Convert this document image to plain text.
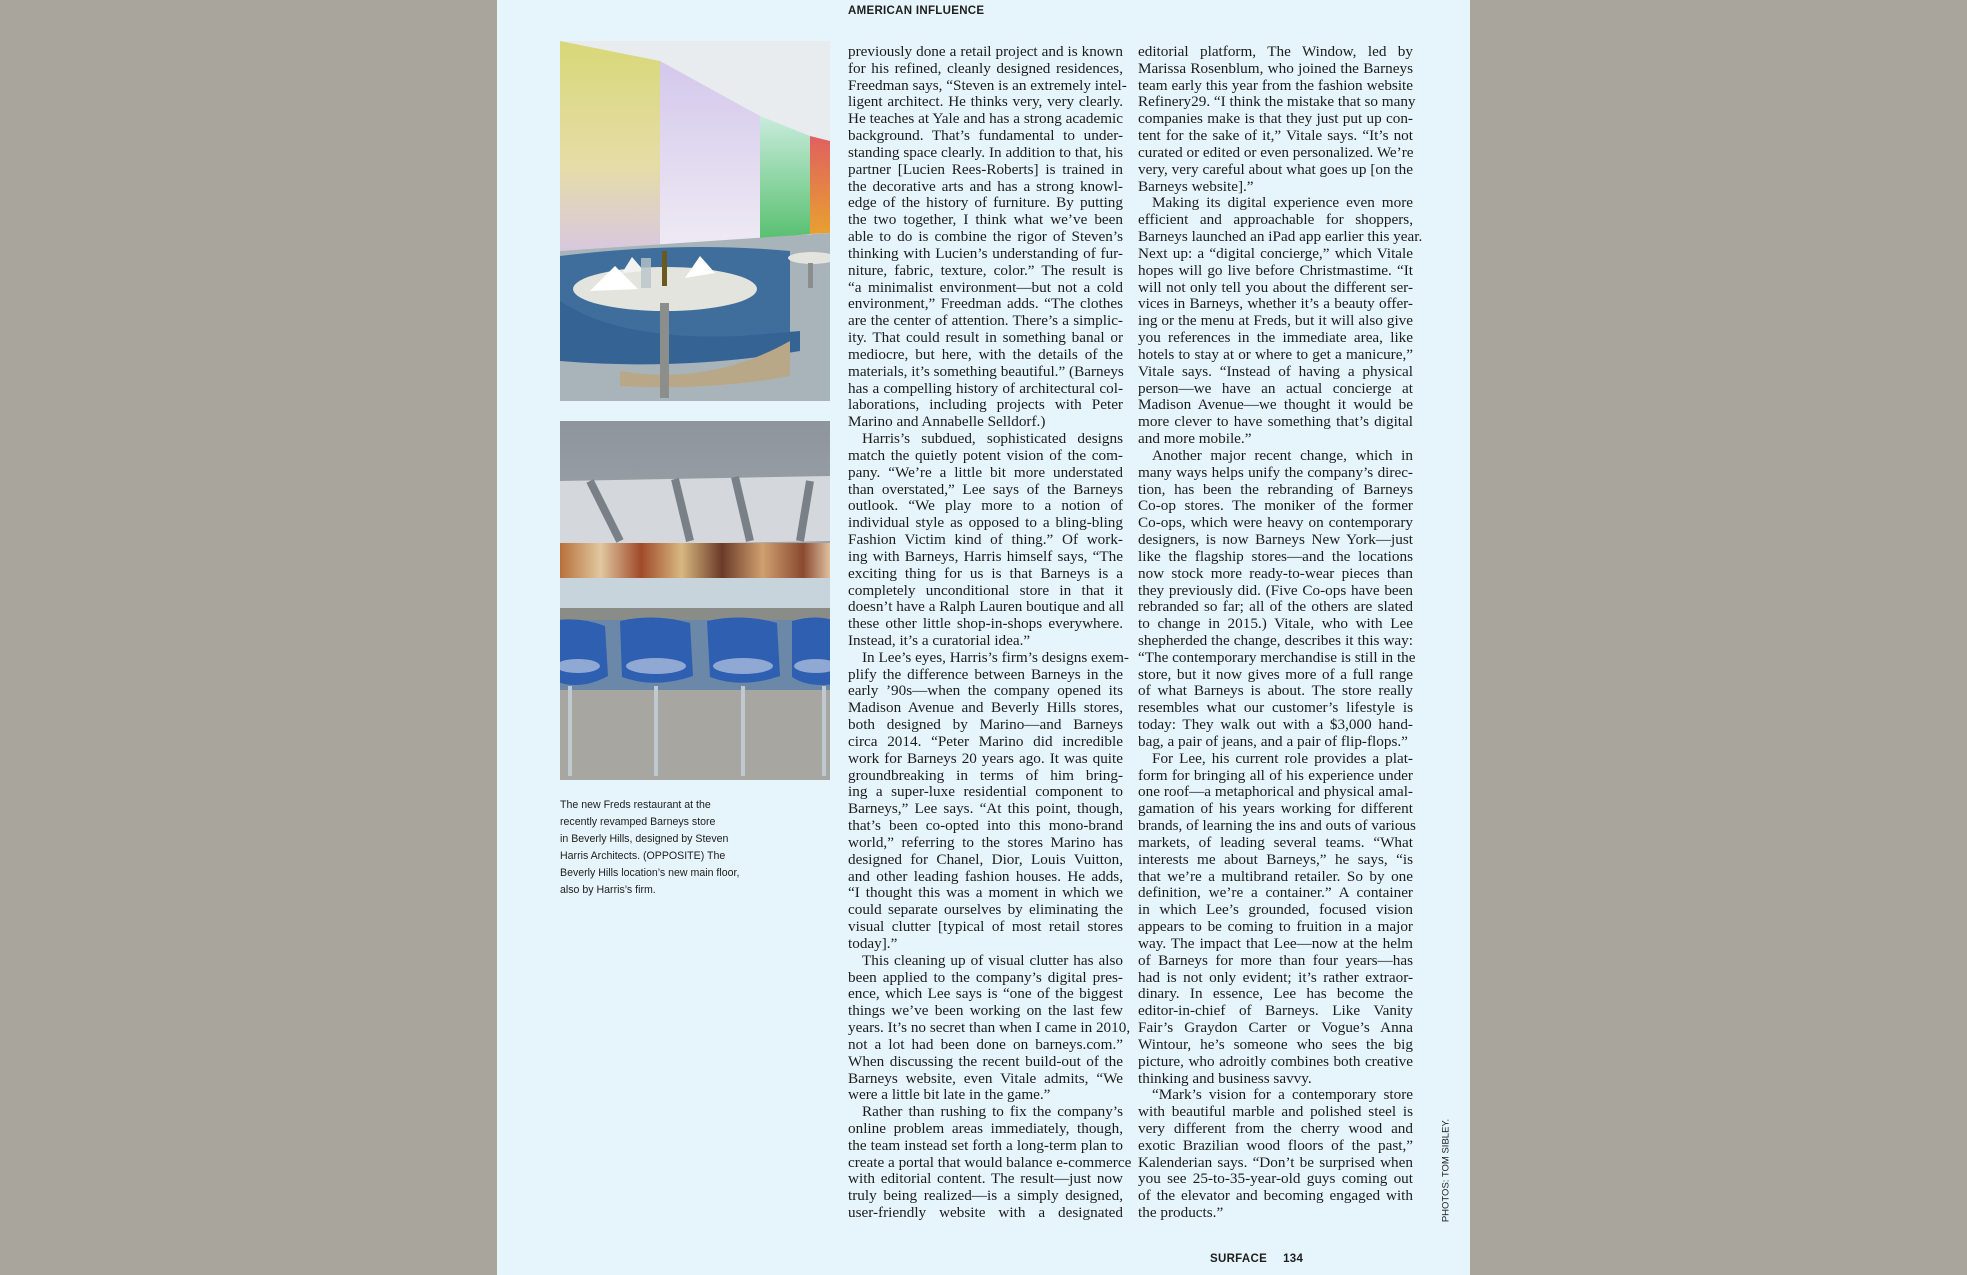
AMERICAN INFLUENCE
The new Freds restaurant at the
recently revamped Barneys store
in Beverly Hills, designed by Steven
Harris Architects. (OPPOSITE) The
Beverly Hills location’s new main floor,
also by Harris’s firm.
previously done a retail project and is known
for his refined, cleanly designed residences,
Freedman says, “Steven is an extremely intel-
ligent architect. He thinks very, very clearly.
He teaches at Yale and has a strong academic
background. That’s fundamental to under-
standing space clearly. In addition to that, his
partner [Lucien Rees-Roberts] is trained in
the decorative arts and has a strong knowl-
edge of the history of furniture. By putting
the two together, I think what we’ve been
able to do is combine the rigor of Steven’s
thinking with Lucien’s understanding of fur-
niture, fabric, texture, color.” The result is
“a minimalist environment—but not a cold
environment,” Freedman adds. “The clothes
are the center of attention. There’s a simplic-
ity. That could result in something banal or
mediocre, but here, with the details of the
materials, it’s something beautiful.” (Barneys
has a compelling history of architectural col-
laborations, including projects with Peter
Marino and Annabelle Selldorf.)
Harris’s subdued, sophisticated designs
match the quietly potent vision of the com-
pany. “We’re a little bit more understated
than overstated,” Lee says of the Barneys
outlook. “We play more to a notion of
individual style as opposed to a bling-bling
Fashion Victim kind of thing.” Of work-
ing with Barneys, Harris himself says, “The
exciting thing for us is that Barneys is a
completely unconditional store in that it
doesn’t have a Ralph Lauren boutique and all
these other little shop-in-shops everywhere.
Instead, it’s a curatorial idea.”
In Lee’s eyes, Harris’s firm’s designs exem-
plify the difference between Barneys in the
early ’90s—when the company opened its
Madison Avenue and Beverly Hills stores,
both designed by Marino—and Barneys
circa 2014. “Peter Marino did incredible
work for Barneys 20 years ago. It was quite
groundbreaking in terms of him bring-
ing a super-luxe residential component to
Barneys,” Lee says. “At this point, though,
that’s been co-opted into this mono-brand
world,” referring to the stores Marino has
designed for Chanel, Dior, Louis Vuitton,
and other leading fashion houses. He adds,
“I thought this was a moment in which we
could separate ourselves by eliminating the
visual clutter [typical of most retail stores
today].”
This cleaning up of visual clutter has also
been applied to the company’s digital pres-
ence, which Lee says is “one of the biggest
things we’ve been working on the last few
years. It’s no secret than when I came in 2010,
not a lot had been done on barneys.com.”
When discussing the recent build-out of the
Barneys website, even Vitale admits, “We
were a little bit late in the game.”
Rather than rushing to fix the company’s
online problem areas immediately, though,
the team instead set forth a long-term plan to
create a portal that would balance e-commerce
with editorial content. The result—just now
truly being realized—is a simply designed,
user-friendly website with a designated
editorial platform, The Window, led by
Marissa Rosenblum, who joined the Barneys
team early this year from the fashion website
Refinery29. “I think the mistake that so many
companies make is that they just put up con-
tent for the sake of it,” Vitale says. “It’s not
curated or edited or even personalized. We’re
very, very careful about what goes up [on the
Barneys website].”
Making its digital experience even more
efficient and approachable for shoppers,
Barneys launched an iPad app earlier this year.
Next up: a “digital concierge,” which Vitale
hopes will go live before Christmastime. “It
will not only tell you about the different ser-
vices in Barneys, whether it’s a beauty offer-
ing or the menu at Freds, but it will also give
you references in the immediate area, like
hotels to stay at or where to get a manicure,”
Vitale says. “Instead of having a physical
person—we have an actual concierge at
Madison Avenue—we thought it would be
more clever to have something that’s digital
and more mobile.”
Another major recent change, which in
many ways helps unify the company’s direc-
tion, has been the rebranding of Barneys
Co-op stores. The moniker of the former
Co-ops, which were heavy on contemporary
designers, is now Barneys New York—just
like the flagship stores—and the locations
now stock more ready-to-wear pieces than
they previously did. (Five Co-ops have been
rebranded so far; all of the others are slated
to change in 2015.) Vitale, who with Lee
shepherded the change, describes it this way:
“The contemporary merchandise is still in the
store, but it now gives more of a full range
of what Barneys is about. The store really
resembles what our customer’s lifestyle is
today: They walk out with a $3,000 hand-
bag, a pair of jeans, and a pair of flip-flops.”
For Lee, his current role provides a plat-
form for bringing all of his experience under
one roof—a metaphorical and physical amal-
gamation of his years working for different
brands, of learning the ins and outs of various
markets, of leading several teams. “What
interests me about Barneys,” he says, “is
that we’re a multibrand retailer. So by one
definition, we’re a container.” A container
in which Lee’s grounded, focused vision
appears to be coming to fruition in a major
way. The impact that Lee—now at the helm
of Barneys for more than four years—has
had is not only evident; it’s rather extraor-
dinary. In essence, Lee has become the
editor-in-chief of Barneys. Like Vanity
Fair’s Graydon Carter or Vogue’s Anna
Wintour, he’s someone who sees the big
picture, who adroitly combines both creative
thinking and business savvy.
“Mark’s vision for a contemporary store
with beautiful marble and polished steel is
very different from the cherry wood and
exotic Brazilian wood floors of the past,”
Kalenderian says. “Don’t be surprised when
you see 25-to-35-year-old guys coming out
of the elevator and becoming engaged with
the products.”	PHOTOS: TOM SIBLEY.
SURFACE 134
